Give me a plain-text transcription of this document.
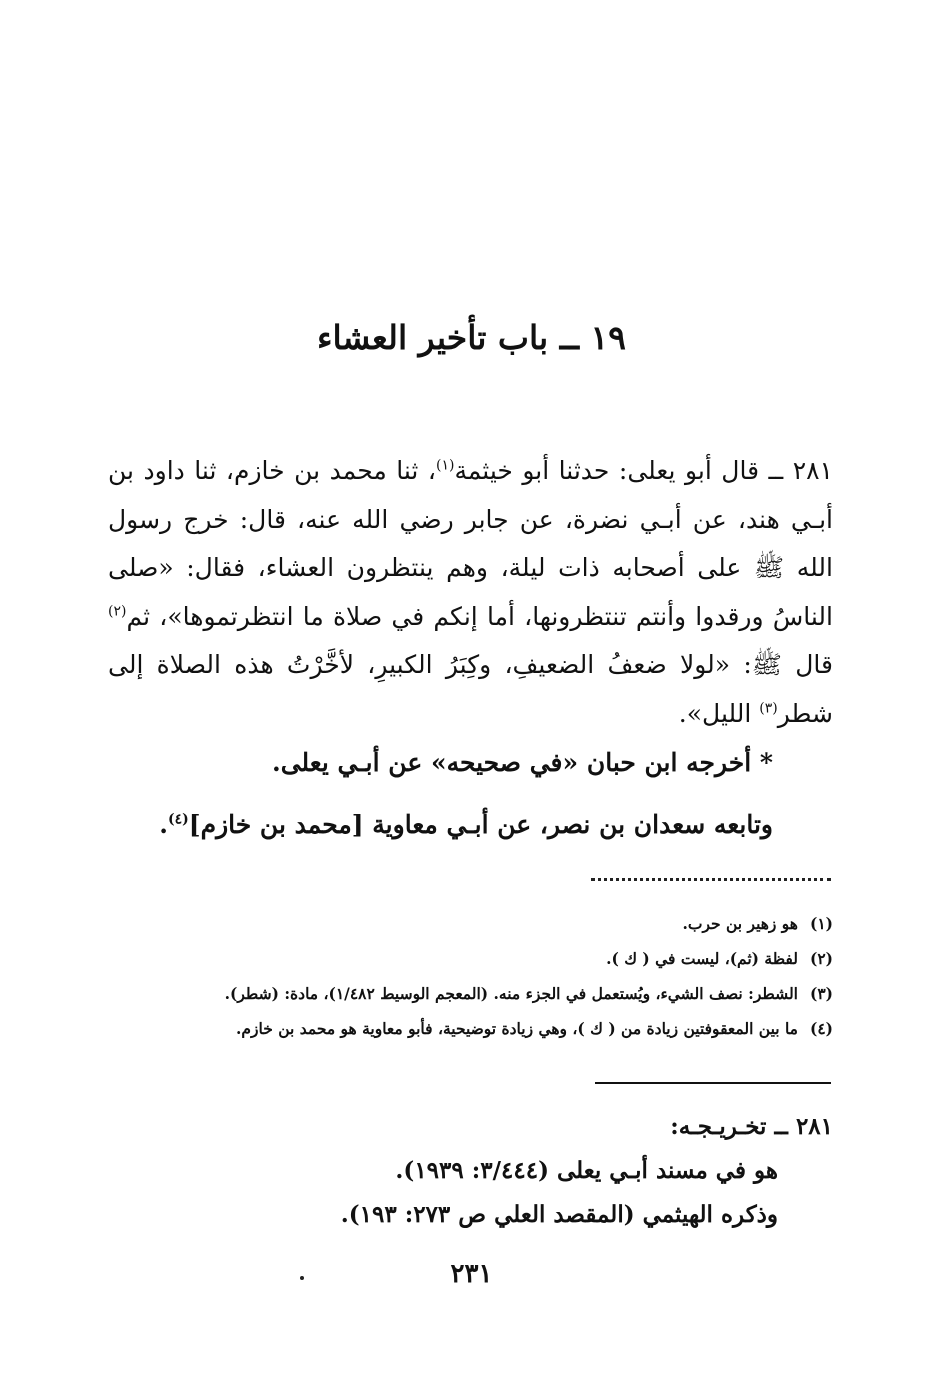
١٩ ــ باب تأخير العشاء

٢٨١ ــ قال أبو يعلى: حدثنا أبو خيثمة$^{(١)}$، ثنا محمد بن خازم، ثنا داود بن أبـي هند، عن أبـي نضرة، عن جابر رضي الله عنه، قال: خرج رسول الله ﷺ على أصحابه ذات ليلة، وهم ينتظرون العشاء، فقال: «صلى الناسُ ورقدوا وأنتم تنتظرونها، أما إنكم في صلاة ما انتظرتموها»، ثم$^{(٢)}$ قال ﷺ: «لولا ضعفُ الضعيفِ، وكِبَرُ الكبيرِ، لأخَّرْتُ هذه الصلاة إلى شطر$^{(٣)}$ الليل».

* أخرجه ابن حبان «في صحيحه» عن أبـي يعلى.
وتابعه سعدان بن نصر، عن أبـي معاوية [محمد بن خازم]$^{(٤)}$.
(١)هو زهير بن حرب.
(٢)لفظة (ثم)، ليست في ( ك ).
(٣)الشطر: نصف الشيء، ويُستعمل في الجزء منه. (المعجم الوسيط ١/٤٨٢)، مادة: (شطر).
(٤)ما بين المعقوفتين زيادة من ( ك )، وهي زيادة توضيحية، فأبو معاوية هو محمد بن خازم.
٢٨١ ــ تخـريـجـه:
هو في مسند أبـي يعلى (٣/٤٤٤: ١٩٣٩).
وذكره الهيثمي (المقصد العلي ص ٢٧٣: ١٩٣).
٢٣١
